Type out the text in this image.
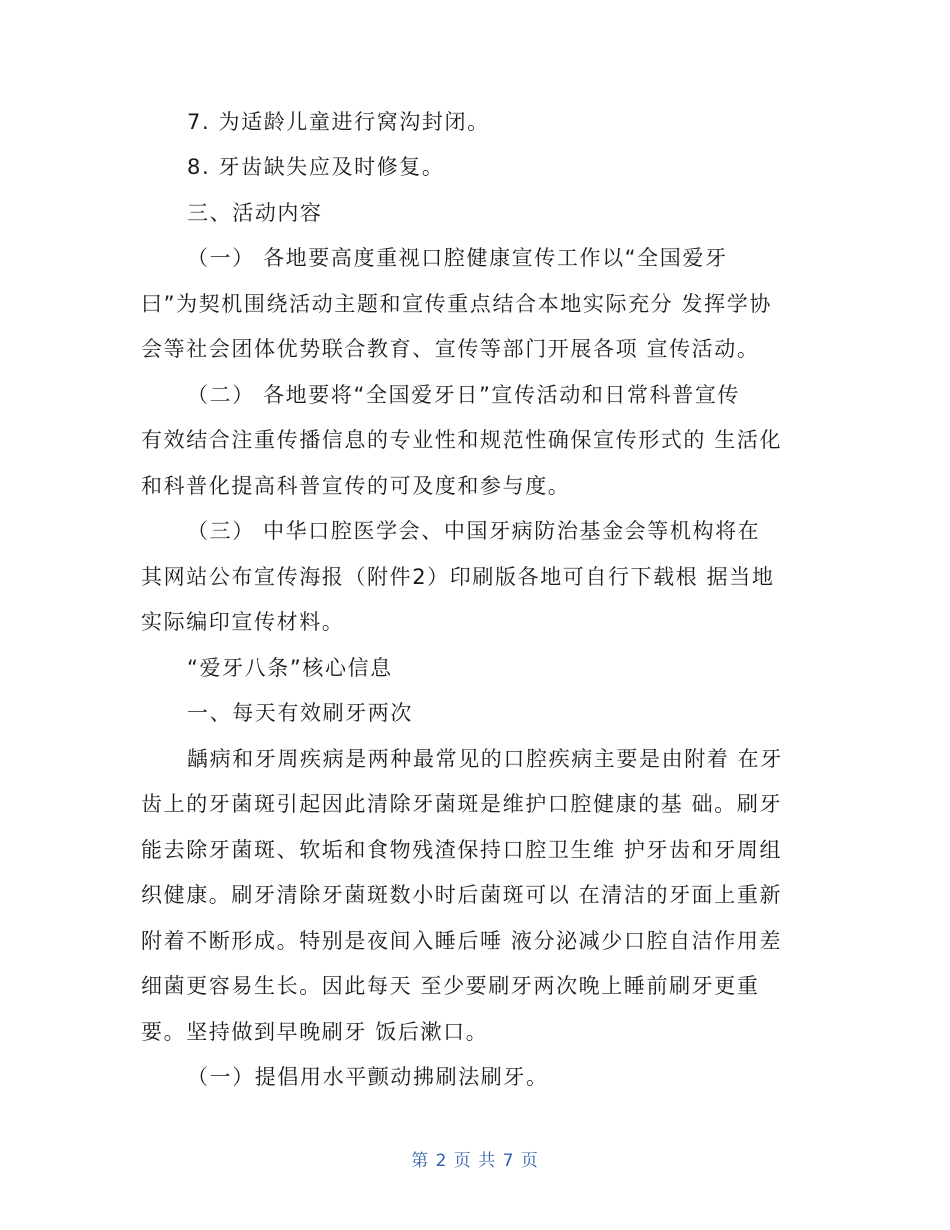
7. 为适龄儿童进行窝沟封闭。
8. 牙齿缺失应及时修复。
三、活动内容
（一） 各地要高度重视口腔健康宣传工作以“全国爱牙
曰”为契机围绕活动主题和宣传重点结合本地实际充分 发挥学协
会等社会团体优势联合教育、宣传等部门开展各项 宣传活动。
（二） 各地要将“全国爱牙日”宣传活动和日常科普宣传
有效结合注重传播信息的专业性和规范性确保宣传形式的 生活化
和科普化提高科普宣传的可及度和参与度。
（三） 中华口腔医学会、中国牙病防治基金会等机构将在
其网站公布宣传海报（附件2）印刷版各地可自行下载根 据当地
实际编印宣传材料。
“爱牙八条”核心信息
一、每天有效刷牙两次
龋病和牙周疾病是两种最常见的口腔疾病主要是由附着 在牙
齿上的牙菌斑引起因此清除牙菌斑是维护口腔健康的基 础。刷牙
能去除牙菌斑、软垢和食物残渣保持口腔卫生维 护牙齿和牙周组
织健康。刷牙清除牙菌斑数小时后菌斑可以 在清洁的牙面上重新
附着不断形成。特别是夜间入睡后唾 液分泌减少口腔自洁作用差
细菌更容易生长。因此每天 至少要刷牙两次晚上睡前刷牙更重
要。坚持做到早晚刷牙 饭后漱口。
（一）提倡用水平颤动拂刷法刷牙。
第 2 页 共 7 页
